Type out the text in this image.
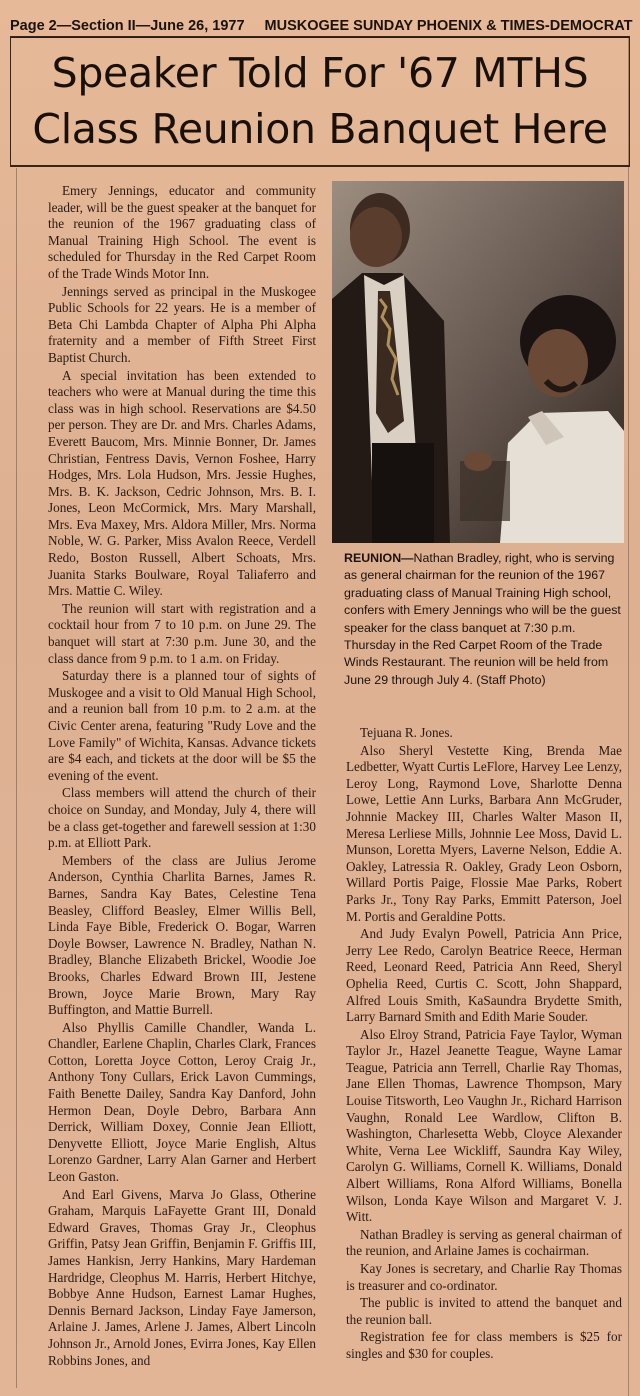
Page 2—Section II—June 26, 1977 MUSKOGEE SUNDAY PHOENIX & TIMES-DEMOCRAT
Speaker Told For '67 MTHS
Class Reunion Banquet Here

Emery Jennings, educator and community leader, will be the guest speaker at the banquet for the reunion of the 1967 graduating class of Manual Training High School. The event is scheduled for Thursday in the Red Carpet Room of the Trade Winds Motor Inn.

Jennings served as principal in the Muskogee Public Schools for 22 years. He is a member of Beta Chi Lambda Chapter of Alpha Phi Alpha fraternity and a member of Fifth Street First Baptist Church.

A special invitation has been extended to teachers who were at Manual during the time this class was in high school. Reservations are $4.50 per person. They are Dr. and Mrs. Charles Adams, Everett Baucom, Mrs. Minnie Bonner, Dr. James Christian, Fentress Davis, Vernon Foshee, Harry Hodges, Mrs. Lola Hudson, Mrs. Jessie Hughes, Mrs. B. K. Jackson, Cedric Johnson, Mrs. B. I. Jones, Leon McCormick, Mrs. Mary Marshall, Mrs. Eva Maxey, Mrs. Aldora Miller, Mrs. Norma Noble, W. G. Parker, Miss Avalon Reece, Verdell Redo, Boston Russell, Albert Schoats, Mrs. Juanita Starks Boulware, Royal Taliaferro and Mrs. Mattie C. Wiley.

The reunion will start with registration and a cocktail hour from 7 to 10 p.m. on June 29. The banquet will start at 7:30 p.m. June 30, and the class dance from 9 p.m. to 1 a.m. on Friday.

Saturday there is a planned tour of sights of Muskogee and a visit to Old Manual High School, and a reunion ball from 10 p.m. to 2 a.m. at the Civic Center arena, featuring "Rudy Love and the Love Family" of Wichita, Kansas. Advance tickets are $4 each, and tickets at the door will be $5 the evening of the event.

Class members will attend the church of their choice on Sunday, and Monday, July 4, there will be a class get-together and farewell session at 1:30 p.m. at Elliott Park.

Members of the class are Julius Jerome Anderson, Cynthia Charlita Barnes, James R. Barnes, Sandra Kay Bates, Celestine Tena Beasley, Clifford Beasley, Elmer Willis Bell, Linda Faye Bible, Frederick O. Bogar, Warren Doyle Bowser, Lawrence N. Bradley, Nathan N. Bradley, Blanche Elizabeth Brickel, Woodie Joe Brooks, Charles Edward Brown III, Jestene Brown, Joyce Marie Brown, Mary Ray Buffington, and Mattie Burrell.

Also Phyllis Camille Chandler, Wanda L. Chandler, Earlene Chaplin, Charles Clark, Frances Cotton, Loretta Joyce Cotton, Leroy Craig Jr., Anthony Tony Cullars, Erick Lavon Cummings, Faith Benette Dailey, Sandra Kay Danford, John Hermon Dean, Doyle Debro, Barbara Ann Derrick, William Doxey, Connie Jean Elliott, Denyvette Elliott, Joyce Marie English, Altus Lorenzo Gardner, Larry Alan Garner and Herbert Leon Gaston.

And Earl Givens, Marva Jo Glass, Otherine Graham, Marquis LaFayette Grant III, Donald Edward Graves, Thomas Gray Jr., Cleophus Griffin, Patsy Jean Griffin, Benjamin F. Griffis III, James Hankisn, Jerry Hankins, Mary Hardeman Hardridge, Cleophus M. Harris, Herbert Hitchye, Bobbye Anne Hudson, Earnest Lamar Hughes, Dennis Bernard Jackson, Linday Faye Jamerson, Arlaine J. James, Arlene J. James, Albert Lincoln Johnson Jr., Arnold Jones, Evirra Jones, Kay Ellen Robbins Jones, and

REUNION—Nathan Bradley, right, who is serving as general chairman for the reunion of the 1967 graduating class of Manual Training High school, confers with Emery Jennings who will be the guest speaker for the class banquet at 7:30 p.m. Thursday in the Red Carpet Room of the Trade Winds Restaurant. The reunion will be held from June 29 through July 4. (Staff Photo)

Tejuana R. Jones.

Also Sheryl Vestette King, Brenda Mae Ledbetter, Wyatt Curtis LeFlore, Harvey Lee Lenzy, Leroy Long, Raymond Love, Sharlotte Denna Lowe, Lettie Ann Lurks, Barbara Ann McGruder, Johnnie Mackey III, Charles Walter Mason II, Meresa Lerliese Mills, Johnnie Lee Moss, David L. Munson, Loretta Myers, Laverne Nelson, Eddie A. Oakley, Latressia R. Oakley, Grady Leon Osborn, Willard Portis Paige, Flossie Mae Parks, Robert Parks Jr., Tony Ray Parks, Emmitt Paterson, Joel M. Portis and Geraldine Potts.

And Judy Evalyn Powell, Patricia Ann Price, Jerry Lee Redo, Carolyn Beatrice Reece, Herman Reed, Leonard Reed, Patricia Ann Reed, Sheryl Ophelia Reed, Curtis C. Scott, John Shappard, Alfred Louis Smith, KaSaundra Brydette Smith, Larry Barnard Smith and Edith Marie Souder.

Also Elroy Strand, Patricia Faye Taylor, Wyman Taylor Jr., Hazel Jeanette Teague, Wayne Lamar Teague, Patricia ann Terrell, Charlie Ray Thomas, Jane Ellen Thomas, Lawrence Thompson, Mary Louise Titsworth, Leo Vaughn Jr., Richard Harrison Vaughn, Ronald Lee Wardlow, Clifton B. Washington, Charlesetta Webb, Cloyce Alexander White, Verna Lee Wickliff, Saundra Kay Wiley, Carolyn G. Williams, Cornell K. Williams, Donald Albert Williams, Rona Alford Williams, Bonella Wilson, Londa Kaye Wilson and Margaret V. J. Witt.

Nathan Bradley is serving as general chairman of the reunion, and Arlaine James is cochairman.

Kay Jones is secretary, and Charlie Ray Thomas is treasurer and co-ordinator.

The public is invited to attend the banquet and the reunion ball.

Registration fee for class members is $25 for singles and $30 for couples.
